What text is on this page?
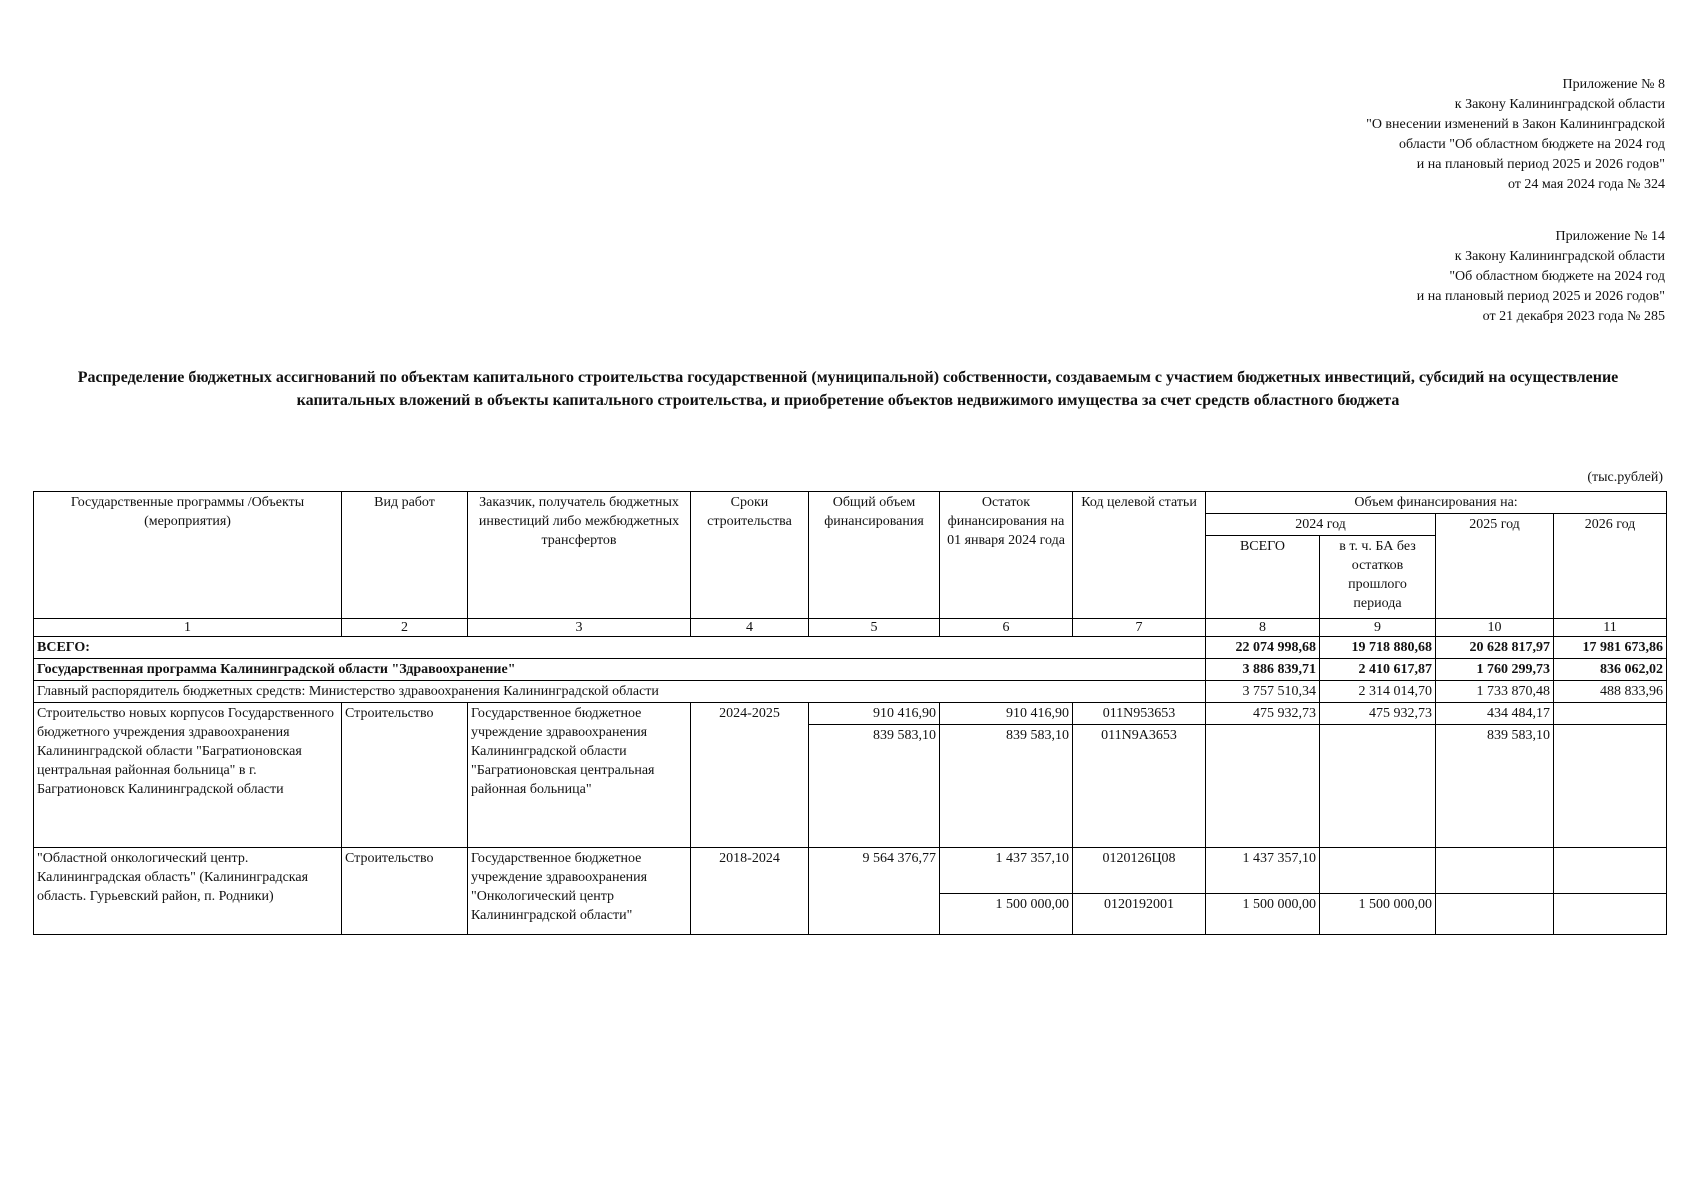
Приложение № 8
к Закону Калининградской области
"О внесении изменений в Закон Калининградской
области "Об областном бюджете на 2024 год
и на плановый период 2025 и 2026 годов"
от 24 мая 2024 года № 324
Приложение № 14
к Закону Калининградской области
"Об областном бюджете на 2024 год
и на плановый период 2025 и 2026 годов"
от 21 декабря 2023 года № 285
Распределение бюджетных ассигнований по объектам капитального строительства государственной (муниципальной) собственности, создаваемым с участием бюджетных инвестиций, субсидий на осуществление капитальных вложений в объекты капитального строительства, и приобретение объектов недвижимого имущества за счет средств областного бюджета
(тыс.рублей)
Государственные программы /Объекты (мероприятия)	Вид работ	Заказчик, получатель бюджетных инвестиций либо межбюджетных трансфертов	Сроки строительства	Общий объем финансирования	Остаток финансирования на 01 января 2024 года	Код целевой статьи	Объем финансирования на:			
							2024 год		2025 год	2026 год
							ВСЕГО	в т. ч. БА без остатков прошлого периода		
1	2	3	4	5	6	7	8	9	10	11
ВСЕГО:							22 074 998,68	19 718 880,68	20 628 817,97	17 981 673,86
Государственная программа Калининградской области "Здравоохранение"							3 886 839,71	2 410 617,87	1 760 299,73	836 062,02
Главный распорядитель бюджетных средств: Министерство здравоохранения Калининградской области							3 757 510,34	2 314 014,70	1 733 870,48	488 833,96
Строительство новых корпусов Государственного бюджетного учреждения здравоохранения Калининградской области "Багратионовская центральная районная больница" в г. Багратионовск Калининградской области	Строительство	Государственное бюджетное учреждение здравоохранения Калининградской области "Багратионовская центральная районная больница"	2024-2025	910 416,90	910 416,90	011N953653	475 932,73	475 932,73	434 484,17	
				839 583,10	839 583,10	011N9A3653			839 583,10	
"Областной онкологический центр. Калининградская область" (Калининградская область. Гурьевский район, п. Родники)	Строительство	Государственное бюджетное учреждение здравоохранения "Онкологический центр Калининградской области"	2018-2024	9 564 376,77	1 437 357,10	0120126Ц08	1 437 357,10			
					1 500 000,00	0120192001	1 500 000,00	1 500 000,00		
